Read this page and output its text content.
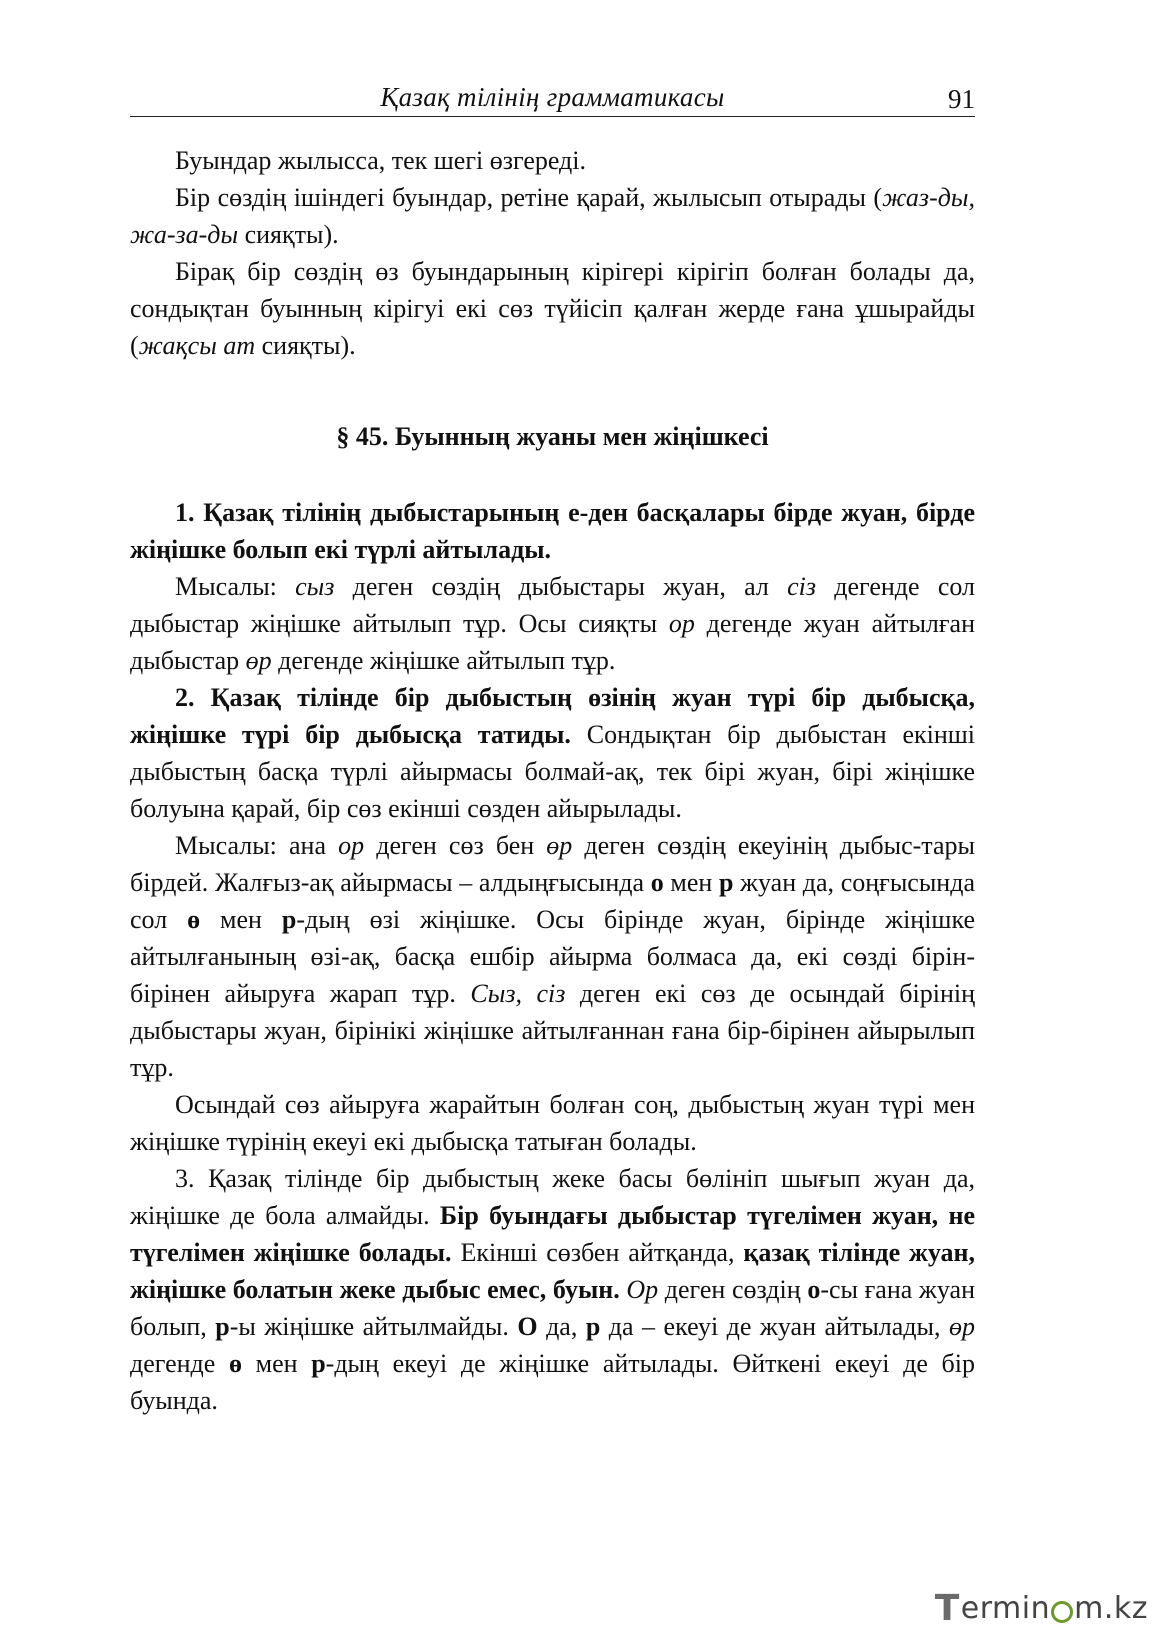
Қазақ тілінің грамматикасы	91

Буындар жылысса, тек шегі өзгереді.

Бір сөздің ішіндегі буындар, ретіне қарай, жылысып отырады (жаз-ды, жа-за-ды сияқты).

Бірақ бір сөздің өз буындарының кірігері кірігіп болған болады да, сондықтан буынның кірігуі екі сөз түйісіп қалған жерде ғана ұшырайды (жақсы ат сияқты).

§ 45. Буынның жуаны мен жіңішкесі

1. Қазақ тілінің дыбыстарының е-ден басқалары бірде жуан, бірде жіңішке болып екі түрлі айтылады.

Мысалы: сыз деген сөздің дыбыстары жуан, ал сіз дегенде сол дыбыстар жіңішке айтылып тұр. Осы сияқты ор дегенде жуан айтылған дыбыстар өр дегенде жіңішке айтылып тұр.

2. Қазақ тілінде бір дыбыстың өзінің жуан түрі бір дыбысқа, жіңішке түрі бір дыбысқа татиды. Сондықтан бір дыбыстан екінші дыбыстың басқа түрлі айырмасы болмай-ақ, тек бірі жуан, бірі жіңішке болуына қарай, бір сөз екінші сөзден айырылады.

Мысалы: ана ор деген сөз бен өр деген сөздің екеуінің дыбыс-тары бірдей. Жалғыз-ақ айырмасы – алдыңғысында о мен р жуан да, соңғысында сол ө мен р-дың өзі жіңішке. Осы бірінде жуан, бірінде жіңішке айтылғанының өзі-ақ, басқа ешбір айырма болмаса да, екі сөзді бірін-бірінен айыруға жарап тұр. Сыз, сіз деген екі сөз де осындай бірінің дыбыстары жуан, бірінікі жіңішке айтылғаннан ғана бір-бірінен айырылып тұр.

Осындай сөз айыруға жарайтын болған соң, дыбыстың жуан түрі мен жіңішке түрінің екеуі екі дыбысқа татыған болады.

3. Қазақ тілінде бір дыбыстың жеке басы бөлініп шығып жуан да, жіңішке де бола алмайды. Бір буындағы дыбыстар түгелімен жуан, не түгелімен жіңішке болады. Екінші сөзбен айтқанда, қазақ тілінде жуан, жіңішке болатын жеке дыбыс емес, буын. Ор деген сөздің о-сы ғана жуан болып, р-ы жіңішке айтылмайды. О да, р да – екеуі де жуан айтылады, өр дегенде ө мен р-дың екеуі де жіңішке айтылады. Өйткені екеуі де бір буында.

T ermin m.kz
